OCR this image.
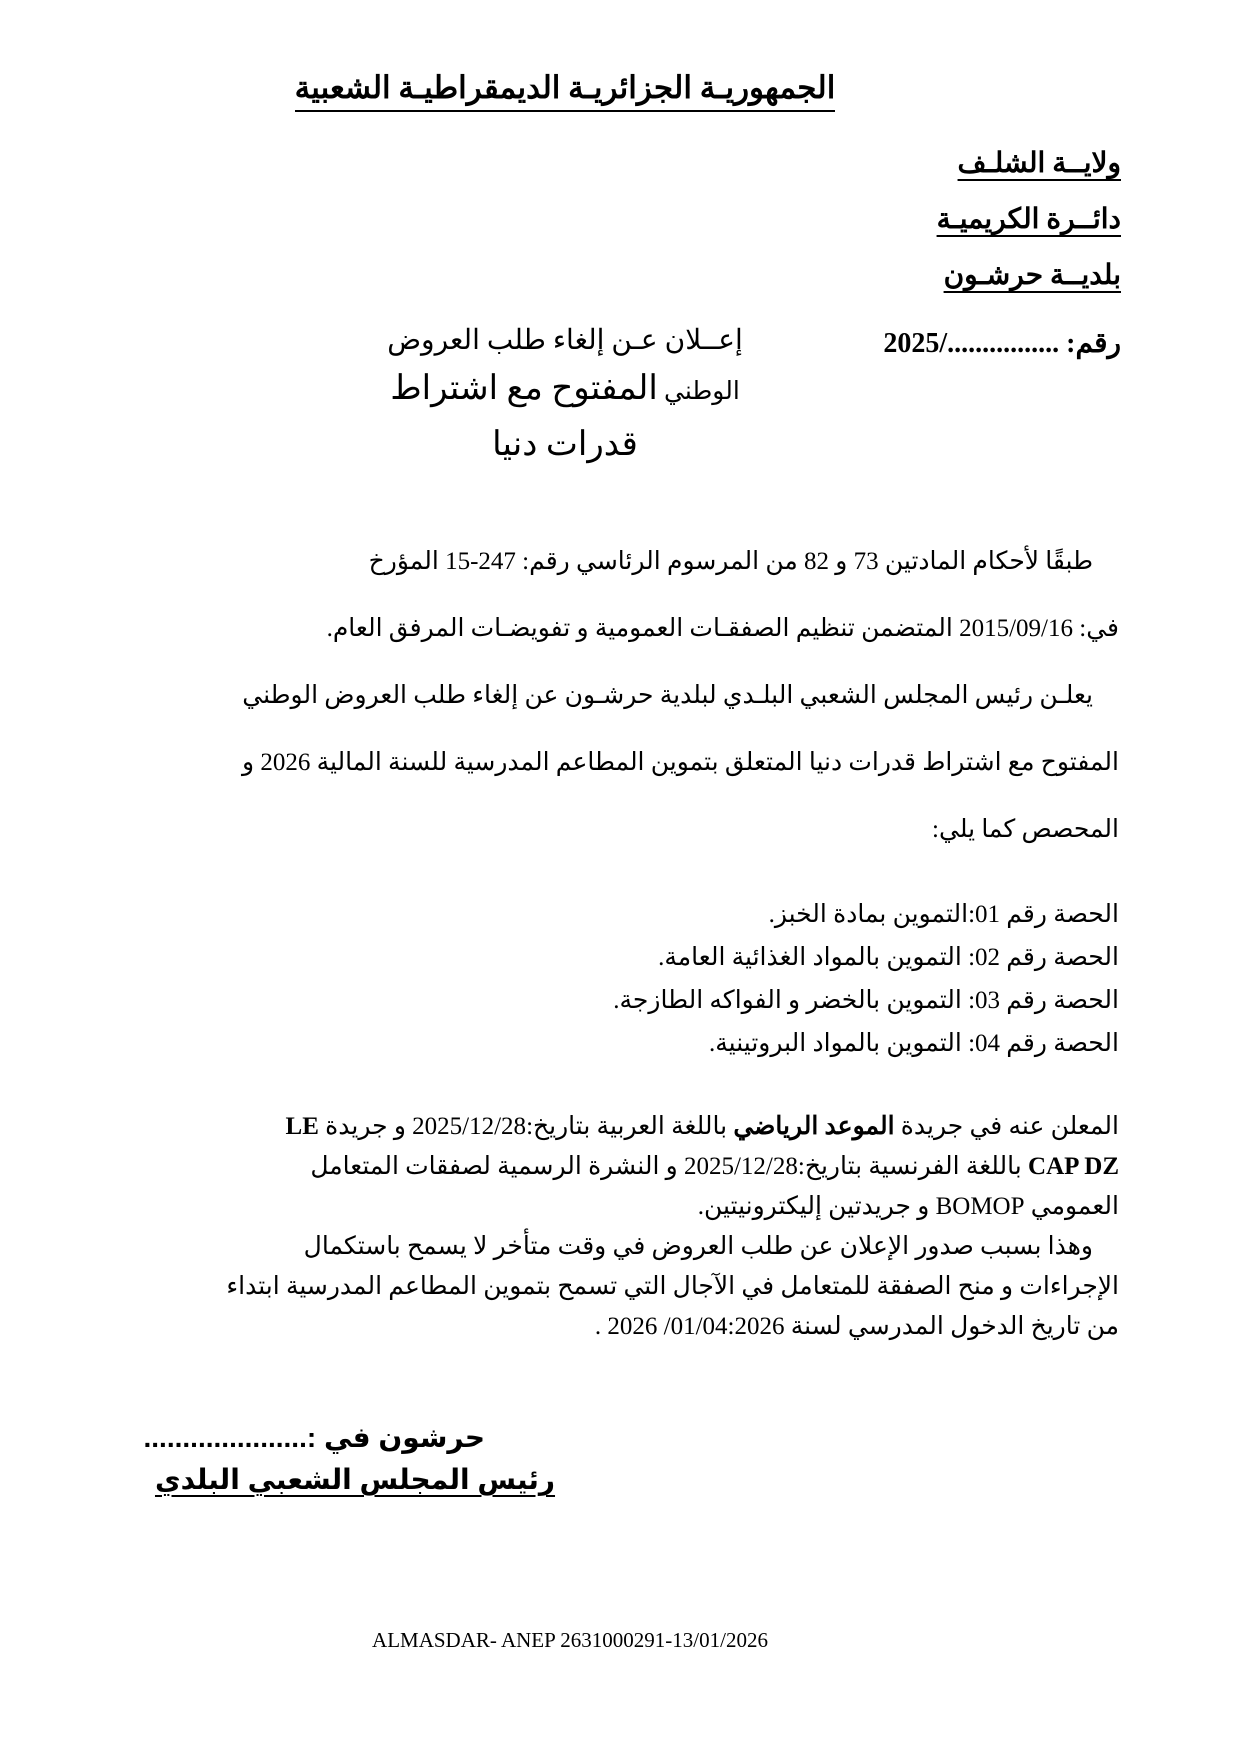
الجمهوريـة الجزائريـة الديمقراطيـة الشعبية
ولايــة الشلـف
دائــرة الكريميـة
بلديــة حرشـون
رقم: ................/2025
إعــلان عـن إلغاء طلب العروض
الوطني المفتوح مع اشتراط
قدرات دنيا
طبقًا لأحكام المادتين 73 و 82 من المرسوم الرئاسي رقم: 247-15 المؤرخ
في: 2015/09/16 المتضمن تنظيم الصفقـات العمومية و تفويضـات المرفق العام.
يعلـن رئيس المجلس الشعبي البلـدي لبلدية حرشـون عن إلغاء طلب العروض الوطني
المفتوح مع اشتراط قدرات دنيا المتعلق بتموين المطاعم المدرسية للسنة المالية 2026 و
المحصص كما يلي:
الحصة رقم 01:التموين بمادة الخبز.
الحصة رقم 02: التموين بالمواد الغذائية العامة.
الحصة رقم 03: التموين بالخضر و الفواكه الطازجة.
الحصة رقم 04: التموين بالمواد البروتينية.
المعلن عنه في جريدة الموعد الرياضي باللغة العربية بتاريخ:2025/12/28 و جريدة LE
CAP DZ باللغة الفرنسية بتاريخ:2025/12/28 و النشرة الرسمية لصفقات المتعامل
العمومي BOMOP و جريدتين إليكترونيتين.
وهذا بسبب صدور الإعلان عن طلب العروض في وقت متأخر لا يسمح باستكمال
الإجراءات و منح الصفقة للمتعامل في الآجال التي تسمح بتموين المطاعم المدرسية ابتداء
من تاريخ الدخول المدرسي لسنة 01/04:2026/ 2026 .
حرشون في :.....................
رئيس المجلس الشعبي البلدي
ALMASDAR- ANEP 2631000291-13/01/2026
